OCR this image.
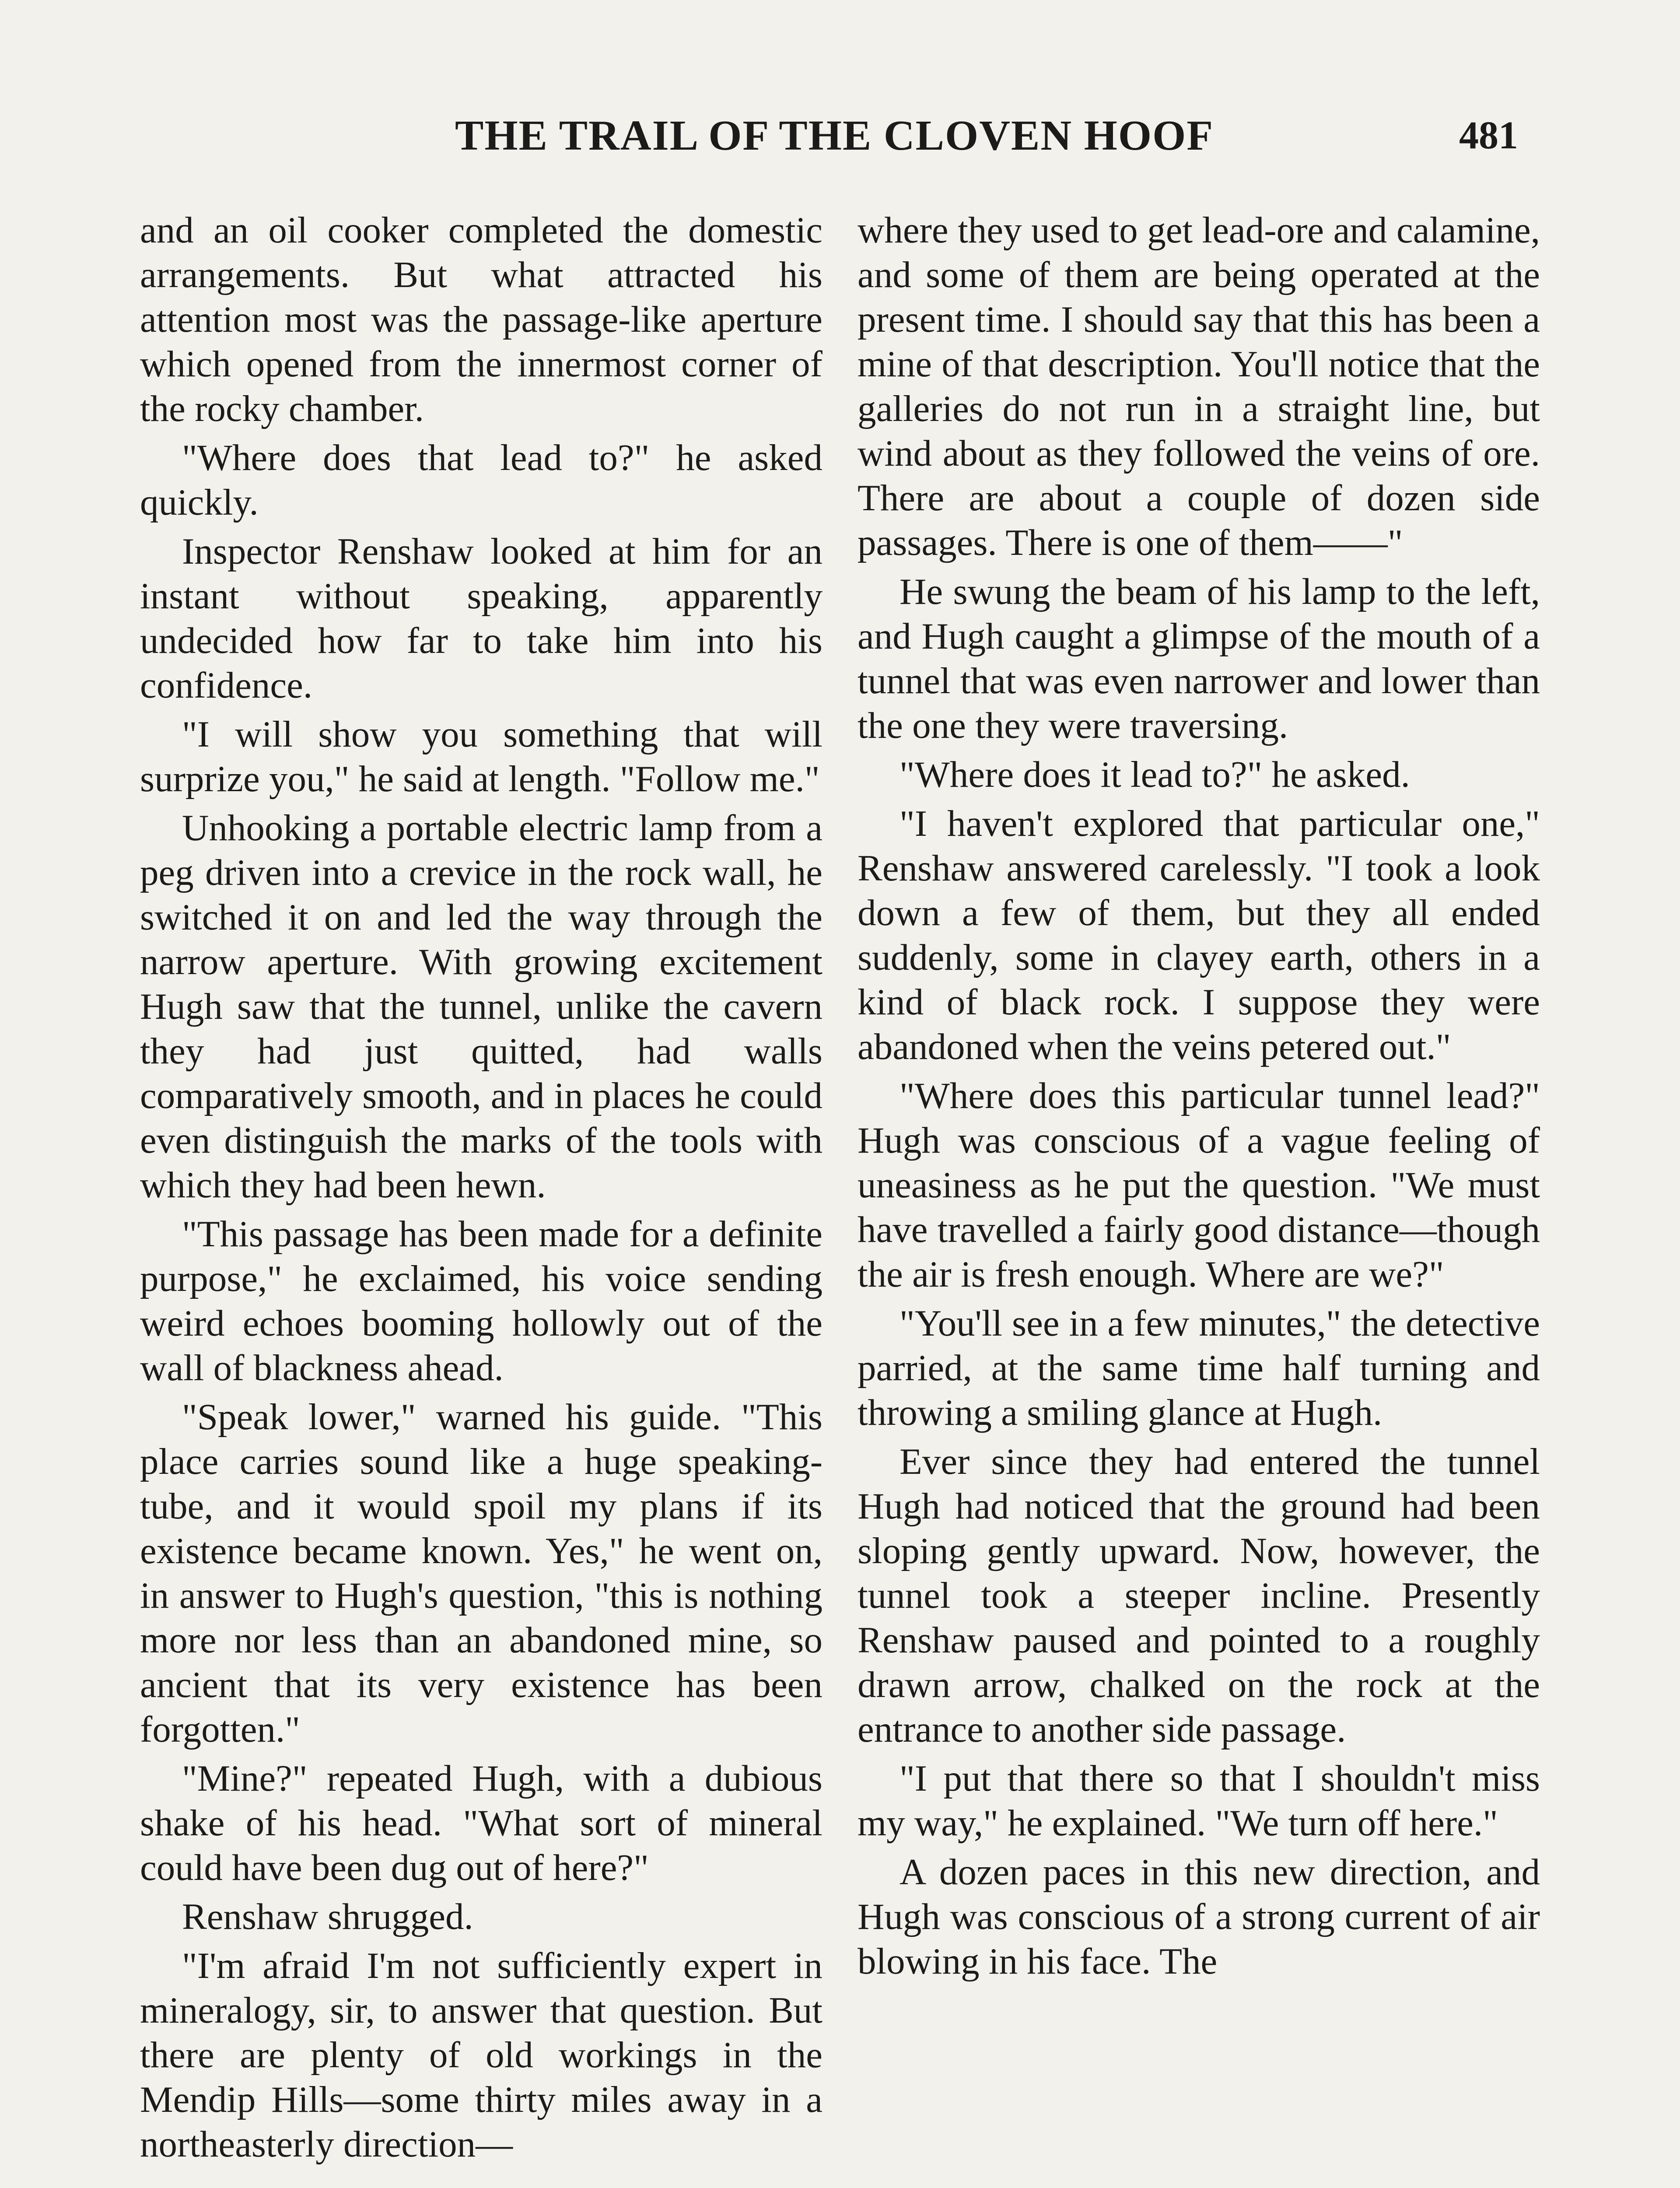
THE TRAIL OF THE CLOVEN HOOF	481

and an oil cooker completed the domestic arrangements. But what attracted his attention most was the passage-like aperture which opened from the innermost corner of the rocky chamber.

"Where does that lead to?" he asked quickly.

Inspector Renshaw looked at him for an instant without speaking, apparently undecided how far to take him into his confidence.

"I will show you something that will surprize you," he said at length. "Follow me."

Unhooking a portable electric lamp from a peg driven into a crevice in the rock wall, he switched it on and led the way through the narrow aperture. With growing excitement Hugh saw that the tunnel, unlike the cavern they had just quitted, had walls comparatively smooth, and in places he could even distinguish the marks of the tools with which they had been hewn.

"This passage has been made for a definite purpose," he exclaimed, his voice sending weird echoes booming hollowly out of the wall of blackness ahead.

"Speak lower," warned his guide. "This place carries sound like a huge speaking-tube, and it would spoil my plans if its existence became known. Yes," he went on, in answer to Hugh's question, "this is nothing more nor less than an abandoned mine, so ancient that its very existence has been forgotten."

"Mine?" repeated Hugh, with a dubious shake of his head. "What sort of mineral could have been dug out of here?"

Renshaw shrugged.

"I'm afraid I'm not sufficiently expert in mineralogy, sir, to answer that question. But there are plenty of old workings in the Mendip Hills—some thirty miles away in a northeasterly direction—

where they used to get lead-ore and calamine, and some of them are being operated at the present time. I should say that this has been a mine of that description. You'll notice that the galleries do not run in a straight line, but wind about as they followed the veins of ore. There are about a couple of dozen side passages. There is one of them——"

He swung the beam of his lamp to the left, and Hugh caught a glimpse of the mouth of a tunnel that was even narrower and lower than the one they were traversing.

"Where does it lead to?" he asked.

"I haven't explored that particular one," Renshaw answered carelessly. "I took a look down a few of them, but they all ended suddenly, some in clayey earth, others in a kind of black rock. I suppose they were abandoned when the veins petered out."

"Where does this particular tunnel lead?" Hugh was conscious of a vague feeling of uneasiness as he put the question. "We must have travelled a fairly good distance—though the air is fresh enough. Where are we?"

"You'll see in a few minutes," the detective parried, at the same time half turning and throwing a smiling glance at Hugh.

Ever since they had entered the tunnel Hugh had noticed that the ground had been sloping gently upward. Now, however, the tunnel took a steeper incline. Presently Renshaw paused and pointed to a roughly drawn arrow, chalked on the rock at the entrance to another side passage.

"I put that there so that I shouldn't miss my way," he explained. "We turn off here."

A dozen paces in this new direction, and Hugh was conscious of a strong current of air blowing in his face. The
